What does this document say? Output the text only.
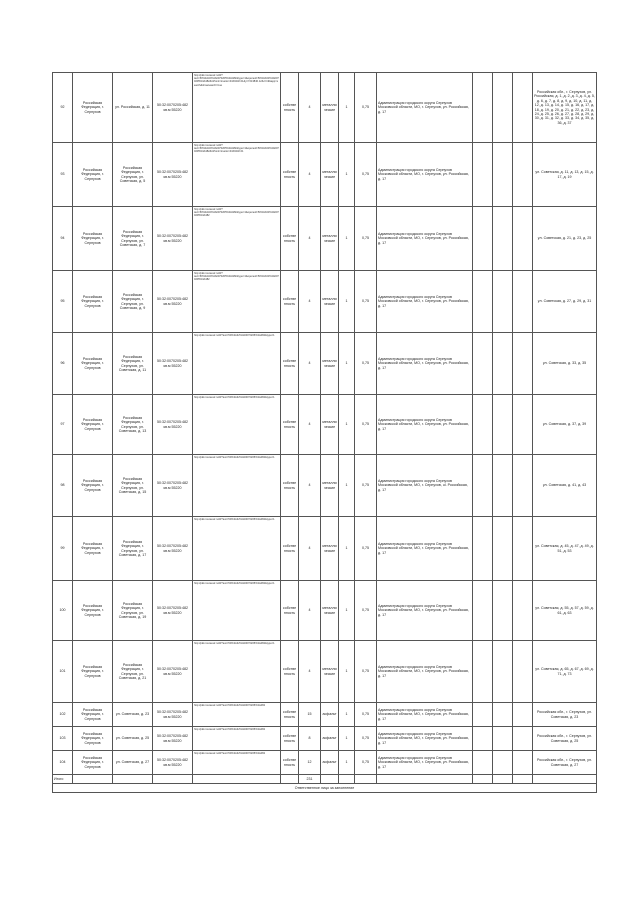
92	Российская Федерация, г. Серпухов	ул. Российская, д. 11	50:32:0070205:482 кв.м 55220	http://pkk.rosreestr.ru/#/?text=50%3A32%3A0070205%3A482&type=1&opened=50%3A32%3A0070205%3A482&inPoint=true&x=4160432.01&y=7213840.12&z=19&app=search&showsearch=true	собственность	4	металлические	1	0,75	Администрация городского округа Серпухов Московской области, МО, г. Серпухов, ул. Российская, д. 17				Российская обл., г. Серпухов, ул. Российская, д. 1, д. 2, д. 3, д. 4, д. 5, д. 6, д. 7, д. 8, д. 9, д. 10, д. 11, д. 12, д. 13, д. 14, д. 15, д. 16, д. 17, д. 18, д. 19, д. 20, д. 21, д. 22, д. 23, д. 24, д. 25, д. 26, д. 27, д. 28, д. 29, д. 30, д. 31, д. 32, д. 33, д. 34, д. 35, д. 36, д. 37
93	Российская Федерация, г. Серпухов	Российская Федерация, г. Серпухов, ул. Советская, д. 5	50:32:0070205:482 кв.м 55220	http://pkk.rosreestr.ru/#/?text=50%3A32%3A0070205%3A482&type=1&opened=50%3A32%3A0070205%3A482&inPoint=true&x=4160432.01	собственность	4	металлические	1	0,75	Администрация городского округа Серпухов Московской области, МО, г. Серпухов, ул. Российская, д. 17				ул. Советская, д. 11, д. 13, д. 15, д. 17, д. 19
94	Российская Федерация, г. Серпухов	Российская Федерация, г. Серпухов, ул. Советская, д. 7	50:32:0070205:482 кв.м 55220	http://pkk.rosreestr.ru/#/?text=50%3A32%3A0070205%3A482&type=1&opened=50%3A32%3A0070205%3A482	собственность	4	металлические	1	0,75	Администрация городского округа Серпухов Московской области, МО, г. Серпухов, ул. Российская, д. 17				ул. Советская, д. 21, д. 23, д. 25
95	Российская Федерация, г. Серпухов	Российская Федерация, г. Серпухов, ул. Советская, д. 9	50:32:0070205:482 кв.м 55220	http://pkk.rosreestr.ru/#/?text=50%3A32%3A0070205%3A482&type=1&opened=50%3A32%3A0070205%3A482	собственность	4	металлические	1	0,75	Администрация городского округа Серпухов Московской области, МО, г. Серпухов, ул. Российская, д. 17				ул. Советская, д. 27, д. 29, д. 31
96	Российская Федерация, г. Серпухов	Российская Федерация, г. Серпухов, ул. Советская, д. 11	50:32:0070205:482 кв.м 55220	http://pkk.rosreestr.ru/#/?text=50%3A32%3A0070205%3A482&type=1	собственность	4	металлические	1	0,75	Администрация городского округа Серпухов Московской области, МО, г. Серпухов, ул. Российская, д. 17				ул. Советская, д. 33, д. 35
97	Российская Федерация, г. Серпухов	Российская Федерация, г. Серпухов, ул. Советская, д. 13	50:32:0070205:482 кв.м 55220	http://pkk.rosreestr.ru/#/?text=50%3A32%3A0070205%3A482&type=1	собственность	4	металлические	1	0,75	Администрация городского округа Серпухов Московской области, МО, г. Серпухов, ул. Российская, д. 17				ул. Советская, д. 37, д. 39
98	Российская Федерация, г. Серпухов	Российская Федерация, г. Серпухов, ул. Советская, д. 15	50:32:0070205:482 кв.м 55220	http://pkk.rosreestr.ru/#/?text=50%3A32%3A0070205%3A482&type=1	собственность	4	металлические	1	0,75	Администрация городского округа Серпухов Московской области, МО, г. Серпухов, ul. Российская, д. 17				ул. Советская, д. 41, д. 43
99	Российская Федерация, г. Серпухов	Российская Федерация, г. Серпухов, ул. Советская, д. 17	50:32:0070205:482 кв.м 55220	http://pkk.rosreestr.ru/#/?text=50%3A32%3A0070205%3A482&type=1	собственность	4	металлические	1	0,75	Администрация городского округа Серпухов Московской области, МО, г. Серпухов, ул. Российская, д. 17				ул. Советская, д. 45, д. 47, д. 49, д. 51, д. 53
100	Российская Федерация, г. Серпухов	Российская Федерация, г. Серпухов, ул. Советская, д. 19	50:32:0070205:482 кв.м 55220	http://pkk.rosreestr.ru/#/?text=50%3A32%3A0070205%3A482&type=1	собственность	4	металлические	1	0,75	Администрация городского округа Серпухов Московской области, МО, г. Серпухов, ул. Российская, д. 17				ул. Советская, д. 55, д. 57, д. 59, д. 61, д. 63
101	Российская Федерация, г. Серпухов	Российская Федерация, г. Серпухов, ул. Советская, д. 21	50:32:0070205:482 кв.м 55220	http://pkk.rosreestr.ru/#/?text=50%3A32%3A0070205%3A482&type=1	собственность	4	металлические	1	0,75	Администрация городского округа Серпухов Московской области, МО, г. Серпухов, ул. Российская, д. 17				ул. Советская, д. 65, д. 67, д. 69, д. 71, д. 73
102	Российская Федерация, г. Серпухов	ул. Советская, д. 23	50:32:0070205:482 кв.м 55220	http://pkk.rosreestr.ru/#/?text=50%3A32%3A0070205%3A482	собственность	15	асфальт	1	0,75	Администрация городского округа Серпухов Московской области, МО, г. Серпухов, ул. Российская, д. 17				Российская обл., г. Серпухов, ул. Советская, д. 23
103	Российская Федерация, г. Серпухов	ул. Советская, д. 25	50:32:0070205:482 кв.м 55220	http://pkk.rosreestr.ru/#/?text=50%3A32%3A0070205%3A482	собственность	8	асфальт	1	0,75	Администрация городского округа Серпухов Московской области, МО, г. Серпухов, ул. Российская, д. 17				Российская обл., г. Серпухов, ул. Советская, д. 25
104	Российская Федерация, г. Серпухов	ул. Советская, д. 27	50:32:0070205:482 кв.м 55220	http://pkk.rosreestr.ru/#/?text=50%3A32%3A0070205%3A482	собственность	12	асфальт	1	0,75	Администрация городского округа Серпухов Московской области, МО, г. Серпухов, ул. Российская, д. 17				Российская обл., г. Серпухов, ул. Советская, д. 27
Итого						231								
Ответственное лицо за заполнение														
